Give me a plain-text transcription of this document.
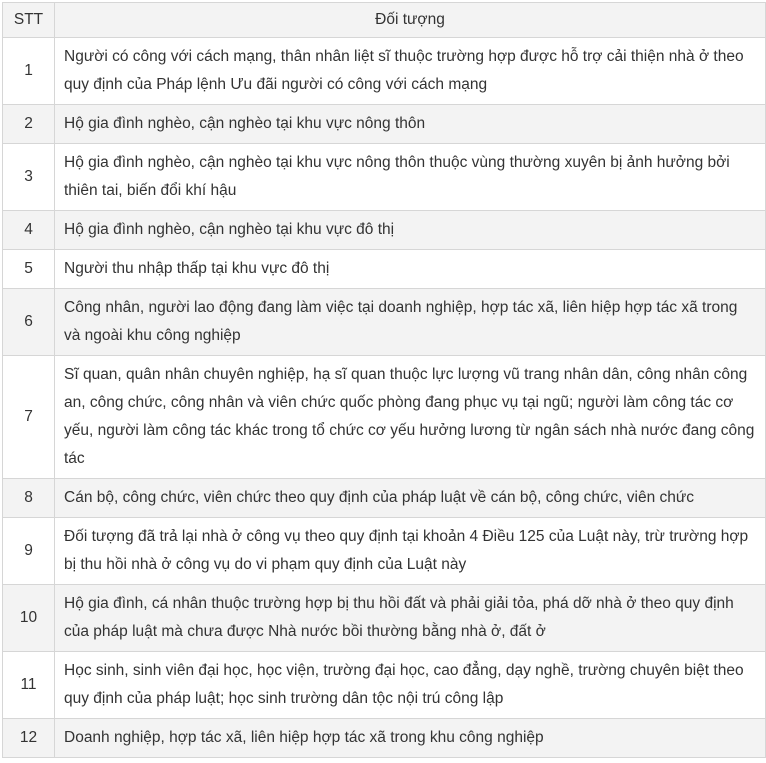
STT	Đối tượng
1	Người có công với cách mạng, thân nhân liệt sĩ thuộc trường hợp được hỗ trợ cải thiện nhà ở theo quy định của Pháp lệnh Ưu đãi người có công với cách mạng
2	Hộ gia đình nghèo, cận nghèo tại khu vực nông thôn
3	Hộ gia đình nghèo, cận nghèo tại khu vực nông thôn thuộc vùng thường xuyên bị ảnh hưởng bởi thiên tai, biến đổi khí hậu
4	Hộ gia đình nghèo, cận nghèo tại khu vực đô thị
5	Người thu nhập thấp tại khu vực đô thị
6	Công nhân, người lao động đang làm việc tại doanh nghiệp, hợp tác xã, liên hiệp hợp tác xã trong và ngoài khu công nghiệp
7	Sĩ quan, quân nhân chuyên nghiệp, hạ sĩ quan thuộc lực lượng vũ trang nhân dân, công nhân công an, công chức, công nhân và viên chức quốc phòng đang phục vụ tại ngũ; người làm công tác cơ yếu, người làm công tác khác trong tổ chức cơ yếu hưởng lương từ ngân sách nhà nước đang công tác
8	Cán bộ, công chức, viên chức theo quy định của pháp luật về cán bộ, công chức, viên chức
9	Đối tượng đã trả lại nhà ở công vụ theo quy định tại khoản 4 Điều 125 của Luật này, trừ trường hợp bị thu hồi nhà ở công vụ do vi phạm quy định của Luật này
10	Hộ gia đình, cá nhân thuộc trường hợp bị thu hồi đất và phải giải tỏa, phá dỡ nhà ở theo quy định của pháp luật mà chưa được Nhà nước bồi thường bằng nhà ở, đất ở
11	Học sinh, sinh viên đại học, học viện, trường đại học, cao đẳng, dạy nghề, trường chuyên biệt theo quy định của pháp luật; học sinh trường dân tộc nội trú công lập
12	Doanh nghiệp, hợp tác xã, liên hiệp hợp tác xã trong khu công nghiệp
